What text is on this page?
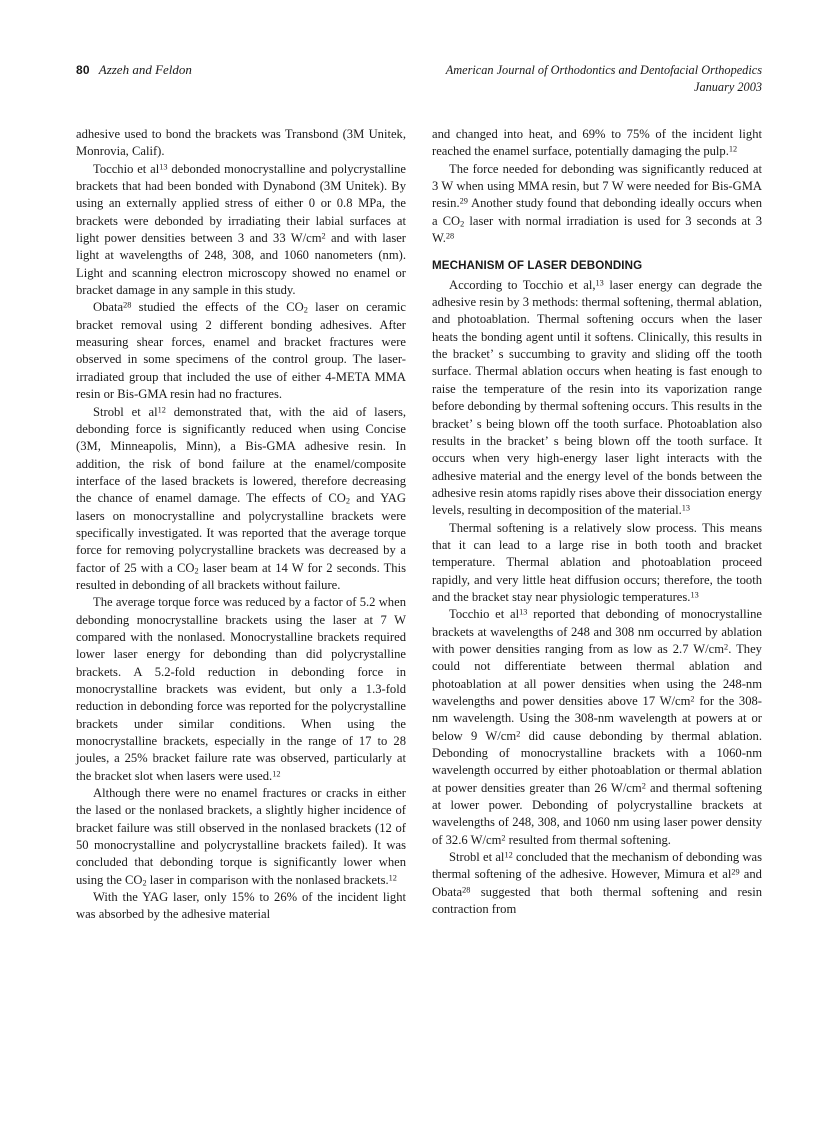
80 Azzeh and Feldon	American Journal of Orthodontics and Dentofacial Orthopedics
January 2003

adhesive used to bond the brackets was Transbond (3M Unitek, Monrovia, Calif).

Tocchio et $al^{13}$ debonded monocrystalline and polycrystalline brackets that had been bonded with Dynabond (3M Unitek). By using an externally applied stress of either 0 or 0.8 MPa, the brackets were debonded by irradiating their labial surfaces at light power densities between 3 and 33 $W/cm^2$ and with laser light at wavelengths of 248, 308, and 1060 nanometers (nm). Light and scanning electron microscopy showed no enamel or bracket damage in any sample in this study.

Obata$^{28}$ studied the effects of the $CO_2$ laser on ceramic bracket removal using 2 different bonding adhesives. After measuring shear forces, enamel and bracket fractures were observed in some specimens of the control group. The laser-irradiated group that included the use of either 4-META MMA resin or Bis-GMA resin had no fractures.

Strobl et $al^{12}$ demonstrated that, with the aid of lasers, debonding force is significantly reduced when using Concise (3M, Minneapolis, Minn), a Bis-GMA adhesive resin. In addition, the risk of bond failure at the enamel/composite interface of the lased brackets is lowered, therefore decreasing the chance of enamel damage. The effects of $CO_2$ and YAG lasers on monocrystalline and polycrystalline brackets were specifically investigated. It was reported that the average torque force for removing polycrystalline brackets was decreased by a factor of 25 with a $CO_2$ laser beam at 14 W for 2 seconds. This resulted in debonding of all brackets without failure.

The average torque force was reduced by a factor of 5.2 when debonding monocrystalline brackets using the laser at 7 W compared with the nonlased. Monocrystalline brackets required lower laser energy for debonding than did polycrystalline brackets. A 5.2-fold reduction in debonding force in monocrystalline brackets was evident, but only a 1.3-fold reduction in debonding force was reported for the polycrystalline brackets under similar conditions. When using the monocrystalline brackets, especially in the range of 17 to 28 joules, a 25% bracket failure rate was observed, particularly at the bracket slot when lasers were used.$^{12}$

Although there were no enamel fractures or cracks in either the lased or the nonlased brackets, a slightly higher incidence of bracket failure was still observed in the nonlased brackets (12 of 50 monocrystalline and polycrystalline brackets failed). It was concluded that debonding torque is significantly lower when using the $CO_2$ laser in comparison with the nonlased brackets.$^{12}$

With the YAG laser, only 15% to 26% of the incident light was absorbed by the adhesive material

and changed into heat, and 69% to 75% of the incident light reached the enamel surface, potentially damaging the pulp.$^{12}$

The force needed for debonding was significantly reduced at 3 W when using MMA resin, but 7 W were needed for Bis-GMA resin.$^{29}$ Another study found that debonding ideally occurs when a $CO_2$ laser with normal irradiation is used for 3 seconds at 3 W.$^{28}$

MECHANISM OF LASER DEBONDING

According to Tocchio et al,$^{13}$ laser energy can degrade the adhesive resin by 3 methods: thermal softening, thermal ablation, and photoablation. Thermal softening occurs when the laser heats the bonding agent until it softens. Clinically, this results in the bracket’ s succumbing to gravity and sliding off the tooth surface. Thermal ablation occurs when heating is fast enough to raise the temperature of the resin into its vaporization range before debonding by thermal softening occurs. This results in the bracket’ s being blown off the tooth surface. Photoablation also results in the bracket’ s being blown off the tooth surface. It occurs when very high-energy laser light interacts with the adhesive material and the energy level of the bonds between the adhesive resin atoms rapidly rises above their dissociation energy levels, resulting in decomposition of the material.$^{13}$

Thermal softening is a relatively slow process. This means that it can lead to a large rise in both tooth and bracket temperature. Thermal ablation and photoablation proceed rapidly, and very little heat diffusion occurs; therefore, the tooth and the bracket stay near physiologic temperatures.$^{13}$

Tocchio et $al^{13}$ reported that debonding of monocrystalline brackets at wavelengths of 248 and 308 nm occurred by ablation with power densities ranging from as low as 2.7 $W/cm^2$. They could not differentiate between thermal ablation and photoablation at all power densities when using the 248-nm wavelengths and power densities above 17 $W/cm^2$ for the 308-nm wavelength. Using the 308-nm wavelength at powers at or below 9 $W/cm^2$ did cause debonding by thermal ablation. Debonding of monocrystalline brackets with a 1060-nm wavelength occurred by either photoablation or thermal ablation at power densities greater than 26 $W/cm^2$ and thermal softening at lower power. Debonding of polycrystalline brackets at wavelengths of 248, 308, and 1060 nm using laser power density of 32.6 $W/cm^2$ resulted from thermal softening.

Strobl et $al^{12}$ concluded that the mechanism of debonding was thermal softening of the adhesive. However, Mimura et $al^{29}$ and Obata$^{28}$ suggested that both thermal softening and resin contraction from
